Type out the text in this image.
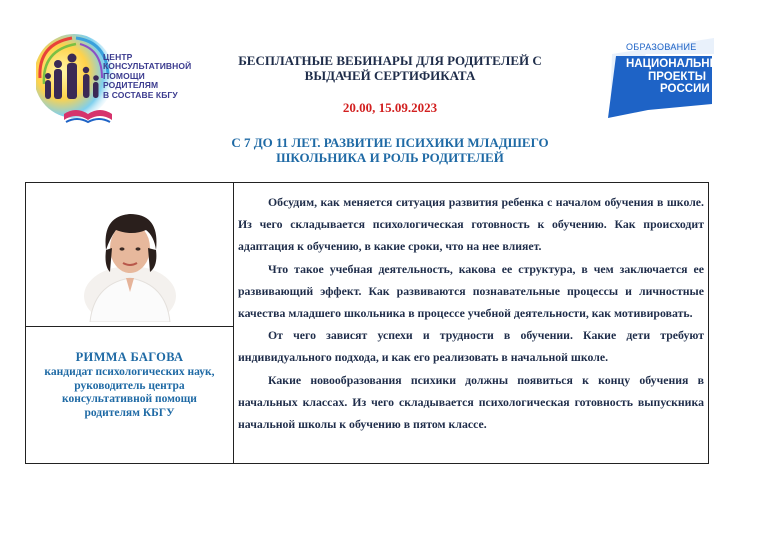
ЦЕНТР
КОНСУЛЬТАТИВНОЙ
ПОМОЩИ
РОДИТЕЛЯМ
В СОСТАВЕ КБГУ
ОБРАЗОВАНИЕ
НАЦИОНАЛЬНЫЕ
ПРОЕКТЫ
РОССИИ
БЕСПЛАТНЫЕ ВЕБИНАРЫ ДЛЯ РОДИТЕЛЕЙ С
ВЫДАЧЕЙ СЕРТИФИКАТА
20.00, 15.09.2023
С 7 ДО 11 ЛЕТ. РАЗВИТИЕ ПСИХИКИ МЛАДШЕГО
ШКОЛЬНИКА И РОЛЬ РОДИТЕЛЕЙ
РИММА БАГОВА
кандидат психологических наук,
руководитель центра
консультативной помощи
родителям КБГУ

Обсудим, как меняется ситуация развития ребенка с началом обучения в школе. Из чего складывается психологическая готовность к обучению. Как происходит адаптация к обучению, в какие сроки, что на нее влияет.

Что такое учебная деятельность, какова ее структура, в чем заключается ее развивающий эффект. Как развиваются познавательные процессы и личностные качества младшего школьника в процессе учебной деятельности, как мотивировать.

От чего зависят успехи и трудности в обучении. Какие дети требуют индивидуального подхода, и как его реализовать в начальной школе.

Какие новообразования психики должны появиться к концу обучения в начальных классах. Из чего складывается психологическая готовность выпускника начальной школы к обучению в пятом классе.
